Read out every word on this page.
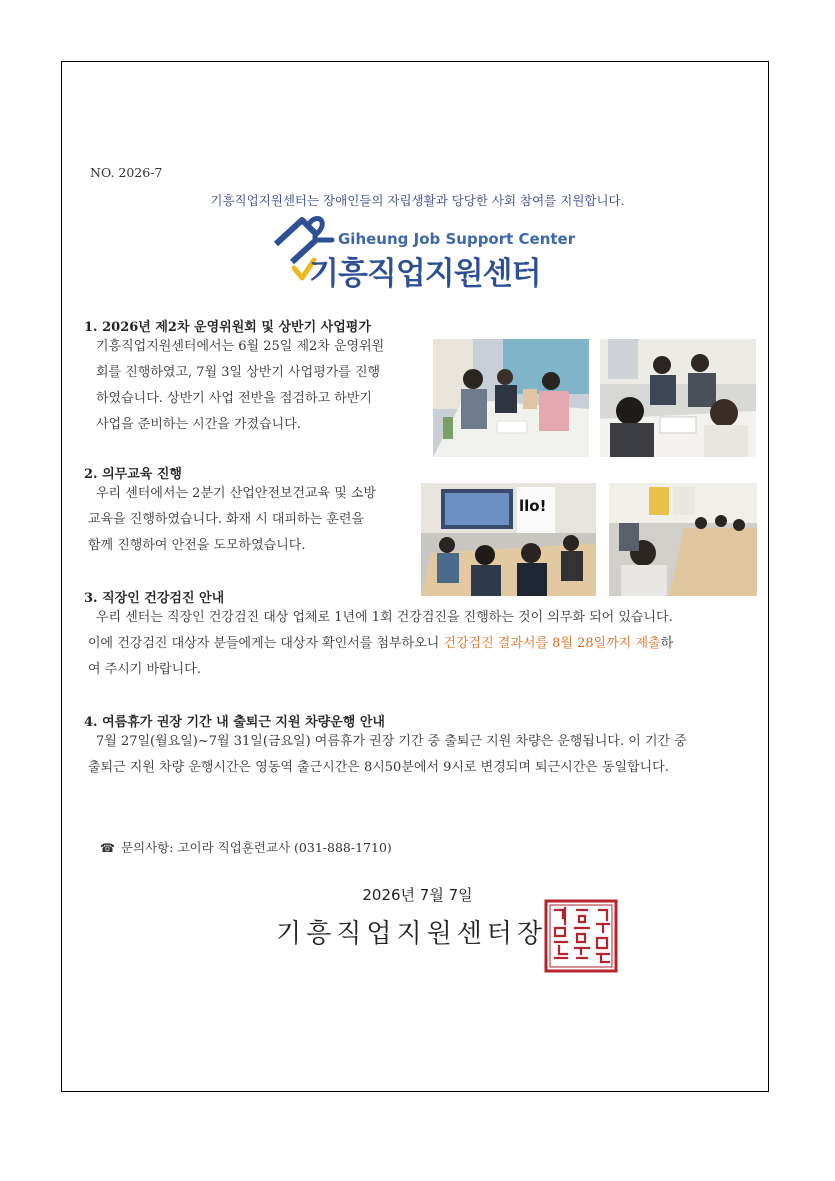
NO. 2026-7
기흥직업지원센터는 장애인들의 자립생활과 당당한 사회 참여를 지원합니다.
Giheung Job Support Center
기흥직업지원센터
1. 2026년 제2차 운영위원회 및 상반기 사업평가
기흥직업지원센터에서는 6월 25일 제2차 운영위원
회를 진행하였고, 7월 3일 상반기 사업평가를 진행
하였습니다. 상반기 사업 전반을 점검하고 하반기
사업을 준비하는 시간을 가졌습니다.
2. 의무교육 진행
우리 센터에서는 2분기 산업안전보건교육 및 소방
교육을 진행하였습니다. 화재 시 대피하는 훈련을
함께 진행하여 안전을 도모하였습니다.
llo!
3. 직장인 건강검진 안내
우리 센터는 직장인 건강검진 대상 업체로 1년에 1회 건강검진을 진행하는 것이 의무화 되어 있습니다.
이에 건강검진 대상자 분들에게는 대상자 확인서를 첨부하오니 건강검진 결과서를 8월 28일까지 제출하
여 주시기 바랍니다.
4. 여름휴가 권장 기간 내 출퇴근 지원 차량운행 안내
7월 27일(월요일)~7월 31일(금요일) 여름휴가 권장 기간 중 출퇴근 지원 차량은 운행됩니다. 이 기간 중
출퇴근 지원 차량 운행시간은 영동역 출근시간은 8시50분에서 9시로 변경되며 퇴근시간은 동일합니다.
☎ 문의사항: 고이라 직업훈련교사 (031-888-1710)
2026년 7월 7일
기흥직업지원센터장
